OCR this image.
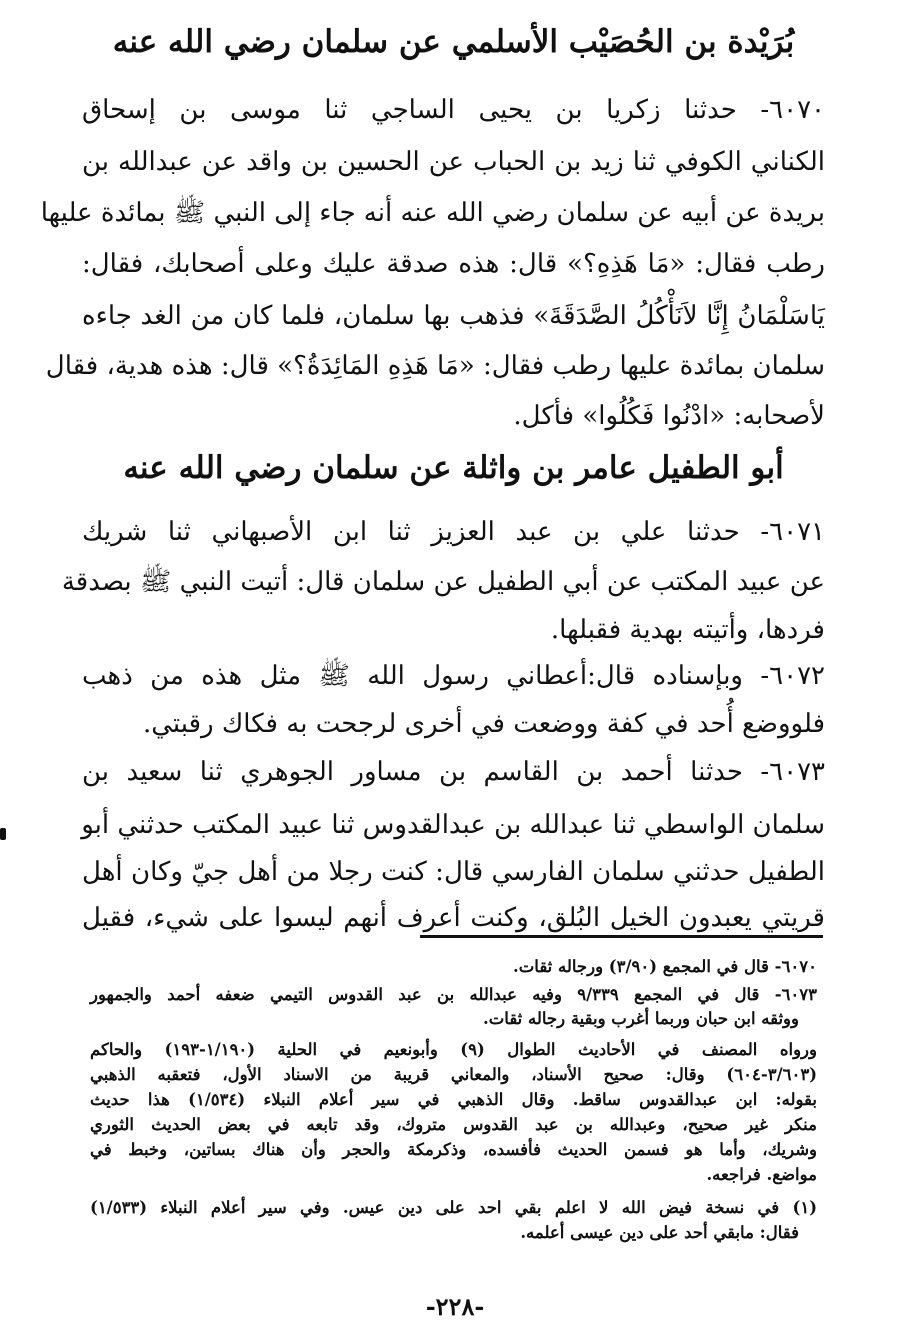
بُرَيْدة بن الحُصَيْب الأسلمي عن سلمان رضي الله عنه

٦٠٧٠- حدثنا زكريا بن يحيى الساجي ثنا موسى بن إسحاق

الكناني الكوفي ثنا زيد بن الحباب عن الحسين بن واقد عن عبدالله بن

بريدة عن أبيه عن سلمان رضي الله عنه أنه جاء إلى النبي ﷺ بمائدة عليها

رطب فقال: «مَا هَذِهِ؟» قال: هذه صدقة عليك وعلى أصحابك، فقال:

يَاسَلْمَانُ إِنَّا لاَنَأْكُلُ الصَّدَقَةَ» فذهب بها سلمان، فلما كان من الغد جاءه

سلمان بمائدة عليها رطب فقال: «مَا هَذِهِ المَائِدَةُ؟» قال: هذه هدية، فقال

لأصحابه: «ادْنُوا فَكُلُوا» فأكل.

أبو الطفيل عامر بن واثلة عن سلمان رضي الله عنه

٦٠٧١- حدثنا علي بن عبد العزيز ثنا ابن الأصبهاني ثنا شريك

عن عبيد المكتب عن أبي الطفيل عن سلمان قال: أتيت النبي ﷺ بصدقة

فردها، وأتيته بهدية فقبلها.

٦٠٧٢- وبإسناده قال:أعطاني رسول الله ﷺ مثل هذه من ذهب

فلووضع أُحد في كفة ووضعت في أخرى لرجحت به فكاك رقبتي.

٦٠٧٣- حدثنا أحمد بن القاسم بن مساور الجوهري ثنا سعيد بن

سلمان الواسطي ثنا عبدالله بن عبدالقدوس ثنا عبيد المكتب حدثني أبو

الطفيل حدثني سلمان الفارسي قال: كنت رجلا من أهل جيّ وكان أهل

قريتي يعبدون الخيل البُلق، وكنت أعرف أنهم ليسوا على شيء، فقيل

٦٠٧٠- قال في المجمع (٣/٩٠) ورجاله ثقات.

٦٠٧٣- قال في المجمع ٩/٣٣٩ وفيه عبدالله بن عبد القدوس التيمي ضعفه أحمد والجمهور

ووثقه ابن حبان وربما أغرب وبقية رجاله ثقات.

ورواه المصنف في الأحاديث الطوال (٩) وأبونعيم في الحلية (١/١٩٠-١٩٣) والحاكم

(٣/٦٠٣-٦٠٤) وقال: صحيح الأسناد، والمعاني قريبة من الاسناد الأول، فتعقبه الذهبي

بقوله: ابن عبدالقدوس ساقط. وقال الذهبي في سير أعلام النبلاء (١/٥٣٤) هذا حديث

منكر غير صحيح، وعبدالله بن عبد القدوس متروك، وقد تابعه في بعض الحديث الثوري

وشريك، وأما هو فسمن الحديث فأفسده، وذكرمكة والحجر وأن هناك بساتين، وخبط في

مواضع. فراجعه.

(١) في نسخة فيض الله لا اعلم بقي احد على دين عيس. وفي سير أعلام النبلاء (١/٥٣٣)

فقال: مابقي أحد على دين عيسى أعلمه.

-٢٢٨-
